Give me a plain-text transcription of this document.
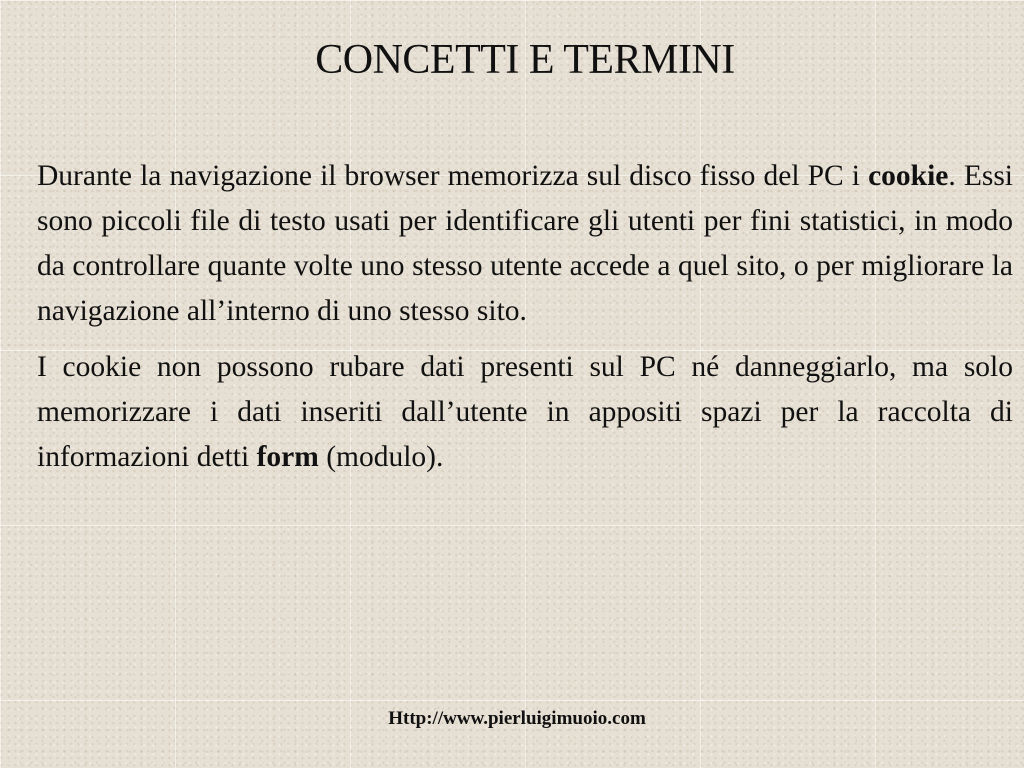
CONCETTI E TERMINI

Durante la navigazione il browser memorizza sul disco fisso del PC i cookie. Essi sono piccoli file di testo usati per identificare gli utenti per fini statistici, in modo da controllare quante volte uno stesso utente accede a quel sito, o per migliorare la navigazione all’interno di uno stesso sito.

I cookie non possono rubare dati presenti sul PC né danneggiarlo, ma solo memorizzare i dati inseriti dall’utente in appositi spazi per la raccolta di informazioni detti form (modulo).

Http://www.pierluigimuoio.com
